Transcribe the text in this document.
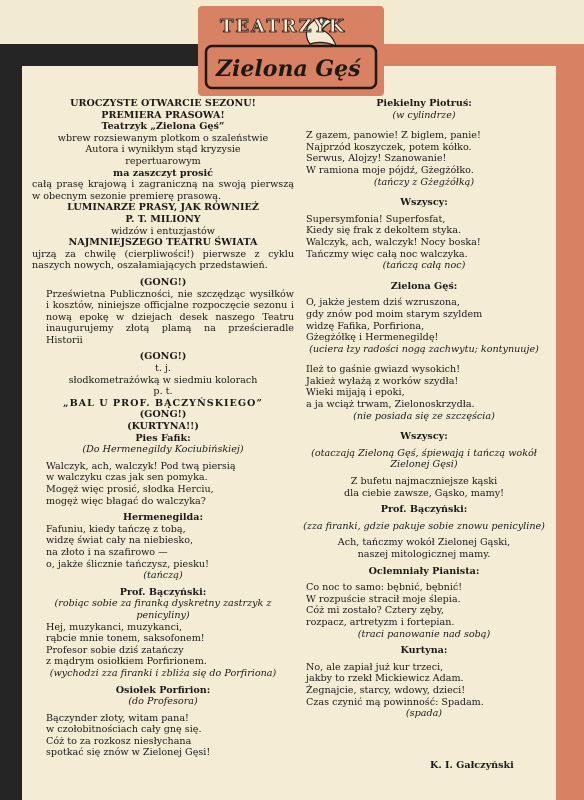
TEATRZYK
Zielona Gęś

UROCZYSTE OTWARCIE SEZONU!

PREMIERA PRASOWA!

Teatrzyk „Zielona Gęś”

wbrew rozsiewanym plotkom o szaleństwie

Autora i wynikłym stąd kryzysie

repertuarowym

ma zaszczyt prosić

całą prasę krajową i zagraniczną na swoją pierwszą w obecnym sezonie premierę prasową.

LUMINARZE PRASY, JAK RÓWNIEŻ

P. T. MILIONY

widzów i entuzjastów

NAJMNIEJSZEGO TEATRU ŚWIATA

ujrzą za chwilę (cierpliwości!) pierwsze z cyklu naszych nowych, oszałamiających przedstawień.

(GONG!)

Prześwietna Publiczności, nie szczędząc wysiłków i kosztów, niniejsze officjalne rozpoczęcie sezonu i nową epokę w dziejach desek naszego Teatru inaugurujemy złotą plamą na prześcieradle Historii

(GONG!)

t. j.

słodkometrażówką w siedmiu kolorach

p. t.

„BAL U PROF. BĄCZYŃSKIEGO”

(GONG!)

(KURTYNA!!)

Pies Fafik:

(Do Hermenegildy Kociubińskiej)

Walczyk, ach, walczyk! Pod twą piersią

w walczyku czas jak sen pomyka.

Mogęż więc prosić, słodka Herciu,

mogęż więc błagać do walczyka?

Hermenegilda:

Fafuniu, kiedy tańczę z tobą,

widzę świat cały na niebiesko,

na złoto i na szafirowo —

o, jakże ślicznie tańczysz, piesku!

(tańczą)

Prof. Bączyński:

(robiąc sobie za firanką dyskretny zastrzyk z penicyliny)

Hej, muzykanci, muzykanci,

rąbcie mnie tonem, saksofonem!

Profesor sobie dziś zatańczy

z mądrym osiołkiem Porfirionem.

(wychodzi zza firanki i zbliża się do Porfiriona)

Osiołek Porfirion:

(do Profesora)

Bączynder złoty, witam pana!

w czołobitnościach cały gnę się.

Cóż to za rozkosz niesłychana

spotkać się znów w Zielonej Gęsi!

Piekielny Piotruś:

(w cylindrze)

Z gazem, panowie! Z biglem, panie!

Najprzód koszyczek, potem kółko.

Serwus, Alojzy! Szanowanie!

W ramiona moje pójdź, Gżegżółko.

(tańczy z Gżegżółką)

Wszyscy:

Supersymfonia! Superfosfat,

Kiedy się frak z dekoltem styka.

Walczyk, ach, walczyk! Nocy boska!

Tańczmy więc całą noc walczyka.

(tańczą całą noc)

Zielona Gęś:

O, jakże jestem dziś wzruszona,

gdy znów pod moim starym szyldem

widzę Fafika, Porfiriona,

Gżegżółkę i Hermenegildę!

(uciera łzy radości nogą zachwytu; kontynuuje)

Ileż to gaśnie gwiazd wysokich!

Jakież wyłażą z worków szydła!

Wieki mijają i epoki,

a ja wciąż trwam, Zielonoskrzydła.

(nie posiada się ze szczęścia)

Wszyscy:

(otaczają Zieloną Gęś, śpiewają i tańczą wokół Zielonej Gęsi)

Z bufetu najmaczniejsze kąski

dla ciebie zawsze, Gąsko, mamy!

Prof. Bączyński:

(zza firanki, gdzie pakuje sobie znowu penicyline)

Ach, tańczmy wokół Zielonej Gąski,

naszej mitologicznej mamy.

Oclemniały Pianista:

Co noc to samo: bębnić, bębnić!

W rozpuście stracił moje ślepia.

Cóż mi zostało? Cztery zęby,

rozpacz, artretyzm i fortepian.

(traci panowanie nad sobą)

Kurtyna:

No, ale zapiał już kur trzeci,

jakby to rzekł Mickiewicz Adam.

Żegnajcie, starcy, wdowy, dzieci!

Czas czynić mą powinność: Spadam.

(spada)

K. I. Gałczyński
